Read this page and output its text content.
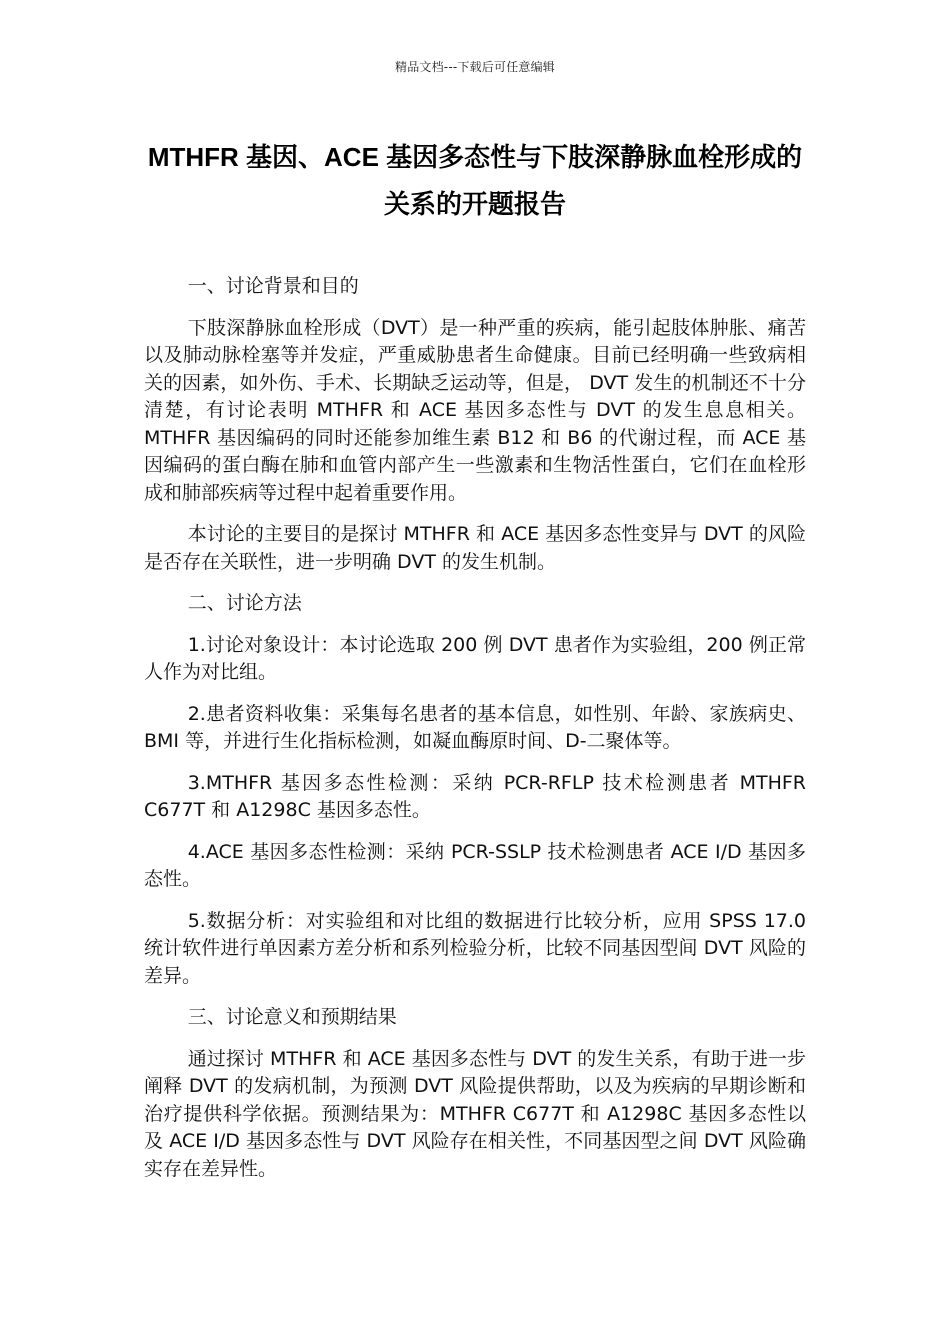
精品文档---下载后可任意编辑
MTHFR 基因、ACE 基因多态性与下肢深静脉血栓形成的关系的开题报告

一、讨论背景和目的

下肢深静脉血栓形成（DVT）是一种严重的疾病，能引起肢体肿胀、痛苦以及肺动脉栓塞等并发症，严重威胁患者生命健康。目前已经明确一些致病相关的因素，如外伤、手术、长期缺乏运动等，但是， DVT 发生的机制还不十分清楚，有讨论表明 MTHFR 和 ACE 基因多态性与 DVT 的发生息息相关。MTHFR 基因编码的同时还能参加维生素 B12 和 B6 的代谢过程，而 ACE 基因编码的蛋白酶在肺和血管内部产生一些激素和生物活性蛋白，它们在血栓形成和肺部疾病等过程中起着重要作用。

本讨论的主要目的是探讨 MTHFR 和 ACE 基因多态性变异与 DVT 的风险是否存在关联性，进一步明确 DVT 的发生机制。

二、讨论方法

1.讨论对象设计：本讨论选取 200 例 DVT 患者作为实验组，200 例正常人作为对比组。

2.患者资料收集：采集每名患者的基本信息，如性别、年龄、家族病史、BMI 等，并进行生化指标检测，如凝血酶原时间、D-二聚体等。

3.MTHFR 基因多态性检测：采纳 PCR-RFLP 技术检测患者 MTHFR C677T 和 A1298C 基因多态性。

4.ACE 基因多态性检测：采纳 PCR-SSLP 技术检测患者 ACE I/D 基因多态性。

5.数据分析：对实验组和对比组的数据进行比较分析，应用 SPSS 17.0 统计软件进行单因素方差分析和系列检验分析，比较不同基因型间 DVT 风险的差异。

三、讨论意义和预期结果

通过探讨 MTHFR 和 ACE 基因多态性与 DVT 的发生关系，有助于进一步阐释 DVT 的发病机制，为预测 DVT 风险提供帮助，以及为疾病的早期诊断和治疗提供科学依据。预测结果为：MTHFR C677T 和 A1298C 基因多态性以及 ACE I/D 基因多态性与 DVT 风险存在相关性，不同基因型之间 DVT 风险确实存在差异性。
